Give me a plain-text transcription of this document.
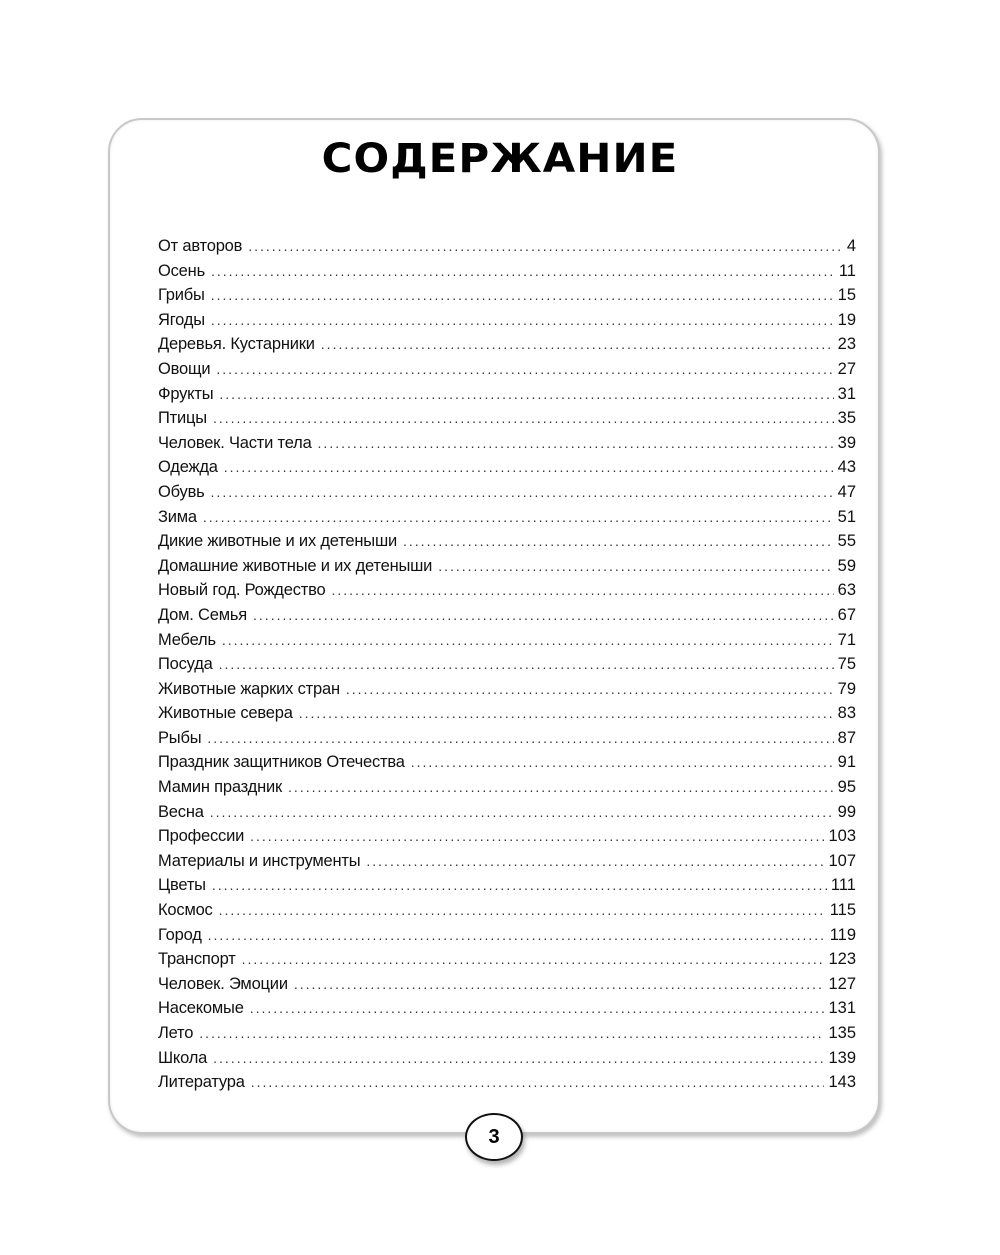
СОДЕРЖАНИЕ
От авторов .....	4
Осень .....	11
Грибы .....	15
Ягоды .....	19
Деревья. Кустарники .....	23
Овощи .....	27
Фрукты .....	31
Птицы .....	35
Человек. Части тела .....	39
Одежда .....	43
Обувь .....	47
Зима .....	51
Дикие животные и их детеныши .....	55
Домашние животные и их детеныши .....	59
Новый год. Рождество .....	63
Дом. Семья .....	67
Мебель .....	71
Посуда .....	75
Животные жарких стран .....	79
Животные севера .....	83
Рыбы .....	87
Праздник защитников Отечества .....	91
Мамин праздник .....	95
Весна .....	99
Профессии .....	103
Материалы и инструменты .....	107
Цветы .....	111
Космос .....	115
Город .....	119
Транспорт .....	123
Человек. Эмоции .....	127
Насекомые .....	131
Лето .....	135
Школа .....	139
Литература .....	143
3
